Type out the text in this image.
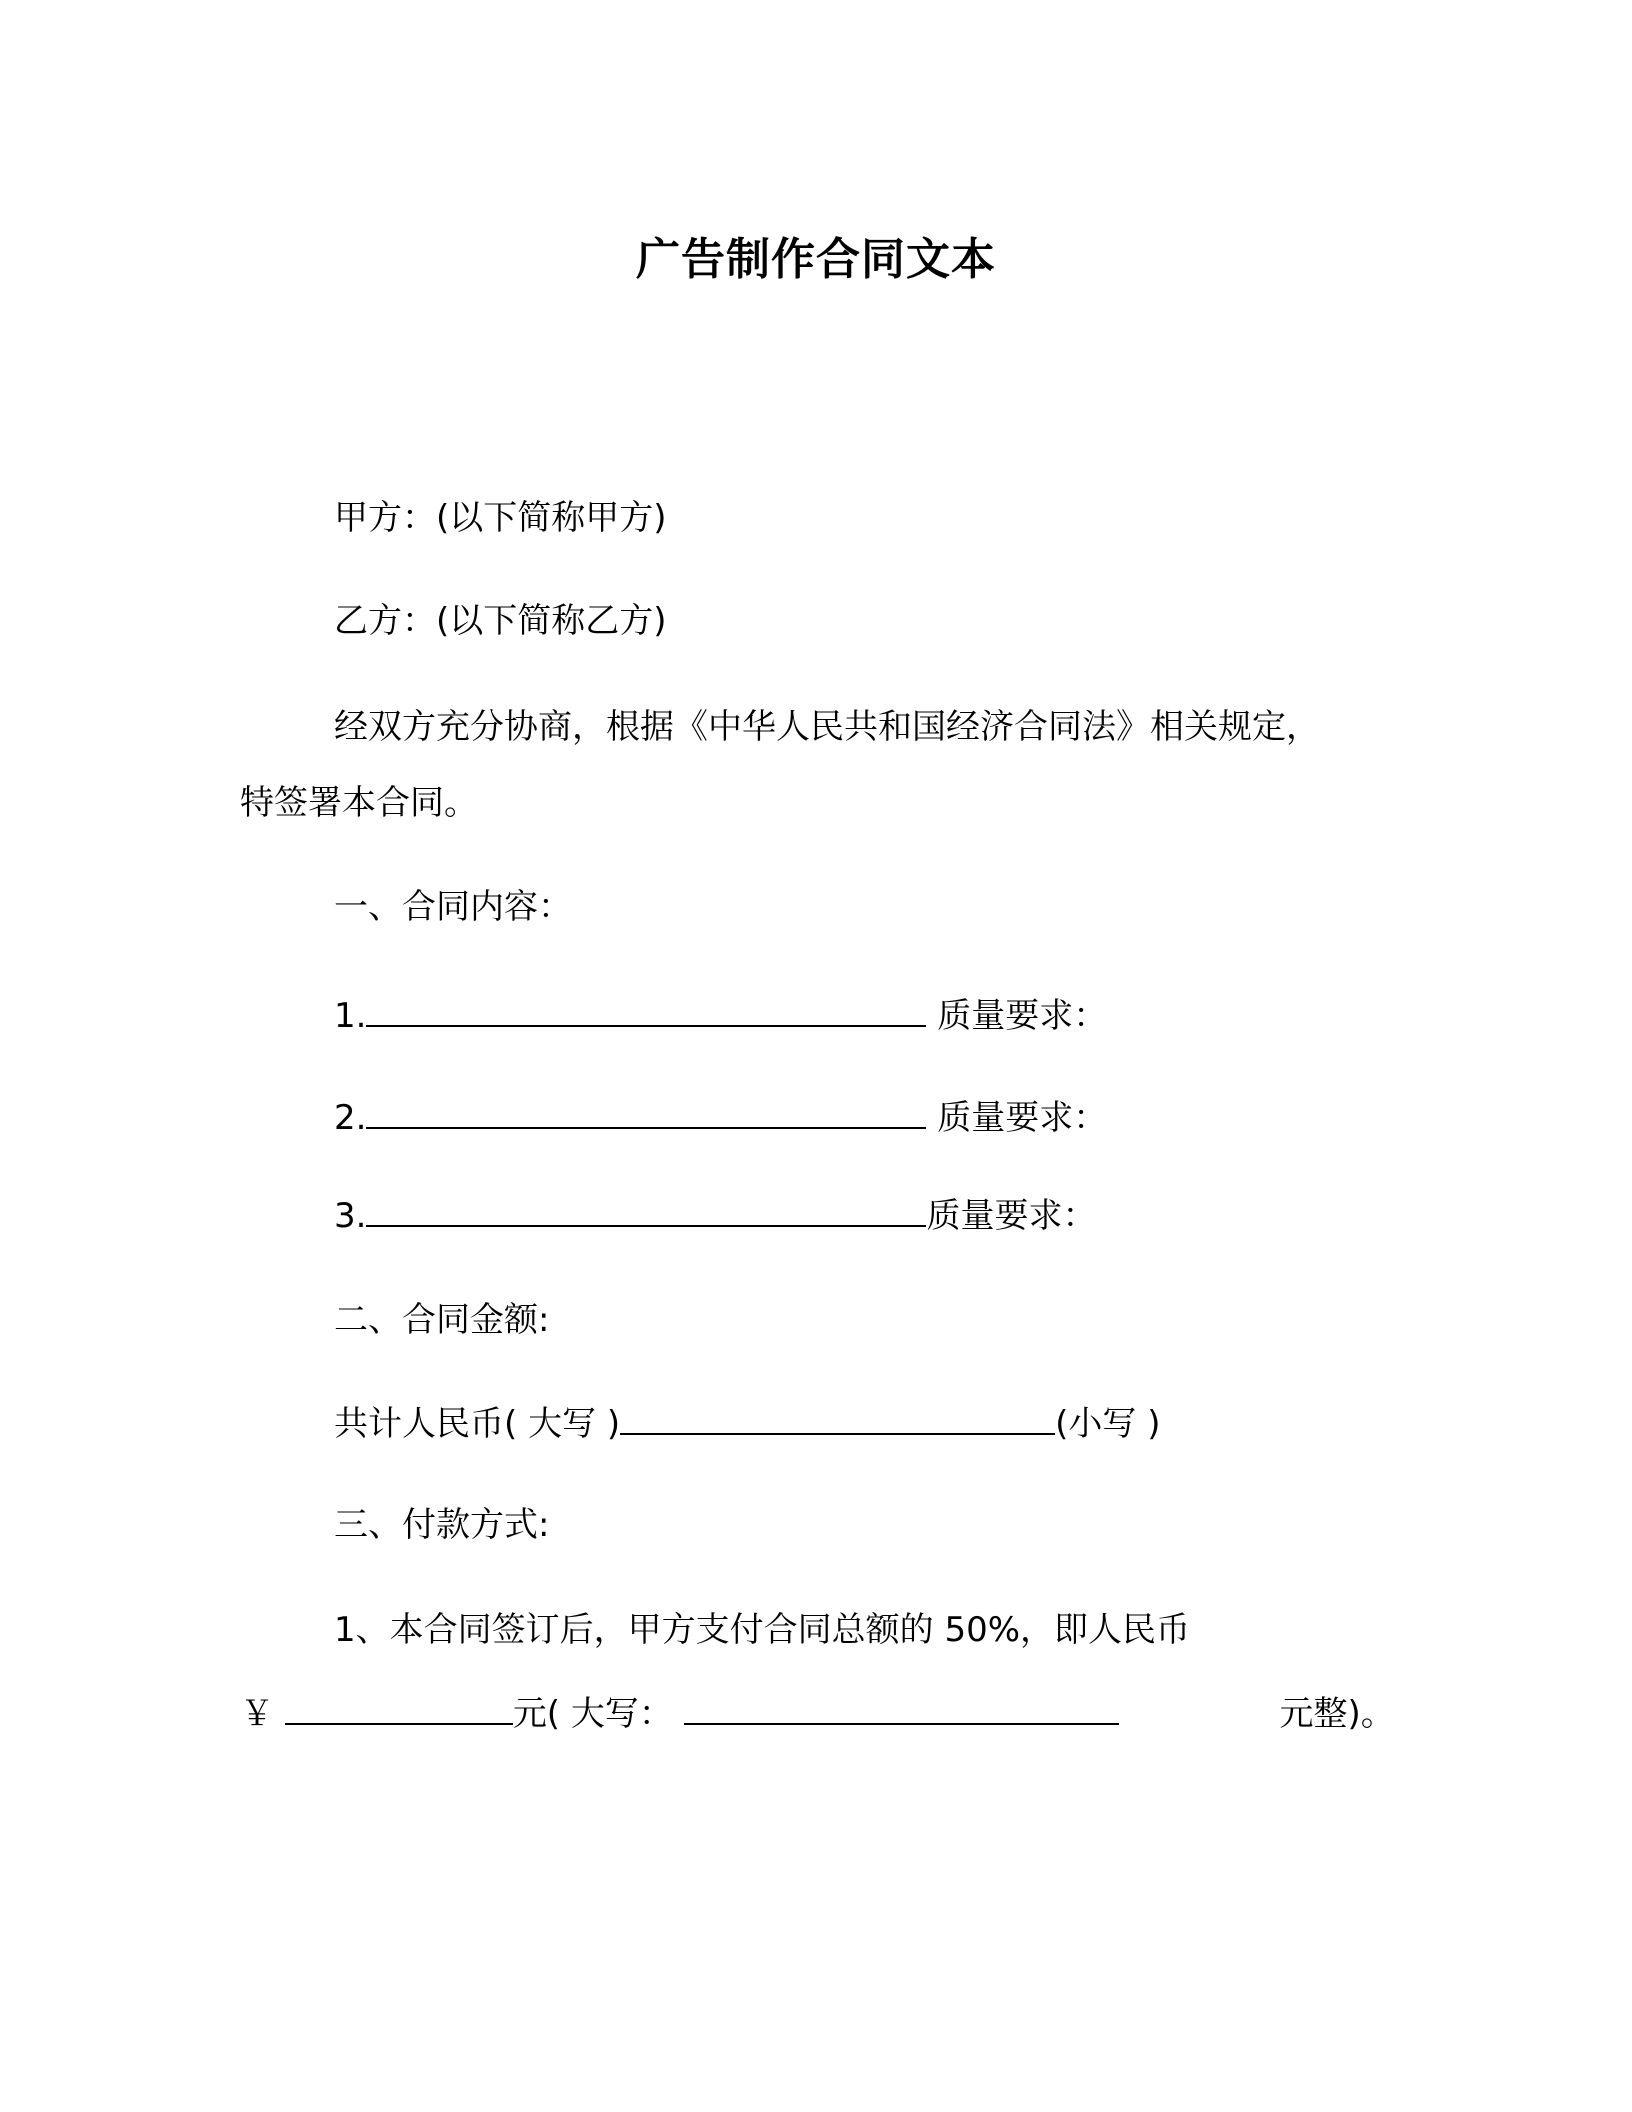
广告制作合同文本
甲方：(以下简称甲方)
乙方：(以下简称乙方)
经双方充分协商，根据《中华人民共和国经济合同法》相关规定，
特签署本合同。
一、合同内容：
1.	质量要求：
2.	质量要求：
3.	质量要求：
二、合同金额:
共计人民币( 大写 )	(小写 )
三、付款方式:
1、本合同签订后，甲方支付合同总额的 50%，即人民币
￥	元( 大写：	元整)。
